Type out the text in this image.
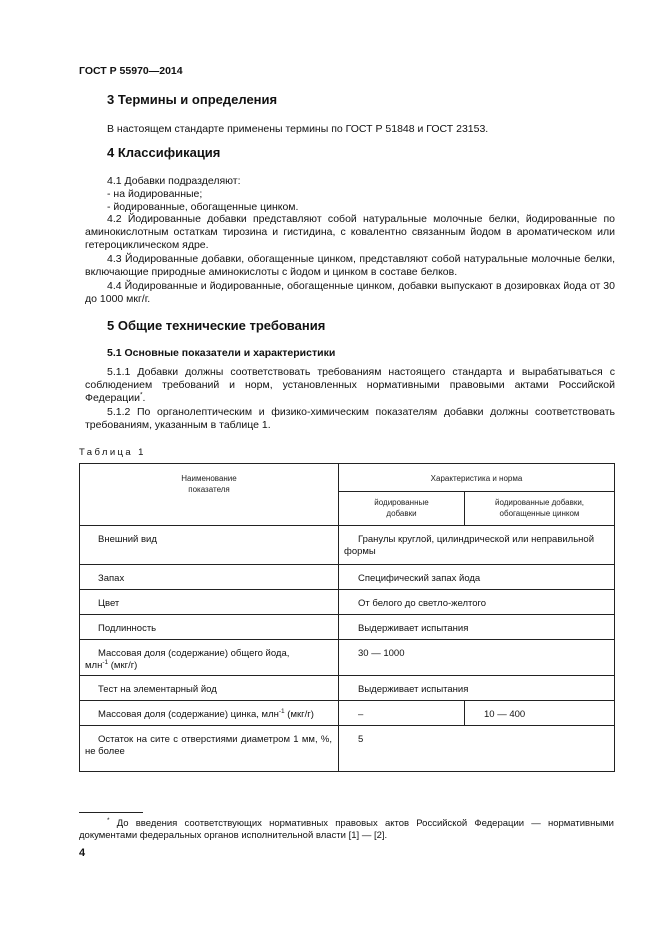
ГОСТ Р 55970—2014
3 Термины и определения
В настоящем стандарте применены термины по ГОСТ Р 51848 и ГОСТ 23153.
4 Классификация
4.1 Добавки подразделяют:
- на йодированные;
- йодированные, обогащенные цинком.
4.2 Йодированные добавки представляют собой натуральные молочные белки, йодированные по аминокислотным остаткам тирозина и гистидина, с ковалентно связанным йодом в ароматическом или гетероциклическом ядре.
4.3 Йодированные добавки, обогащенные цинком, представляют собой натуральные молочные белки, включающие природные аминокислоты с йодом и цинком в составе белков.
4.4 Йодированные и йодированные, обогащенные цинком, добавки выпускают в дозировках йода от 30 до 1000 мкг/г.
5 Общие технические требования
5.1 Основные показатели и характеристики
5.1.1 Добавки должны соответствовать требованиям настоящего стандарта и вырабатываться с соблюдением требований и норм, установленных нормативными правовыми актами Российской Федерации*.
5.1.2 По органолептическим и физико-химическим показателям добавки должны соответствовать требованиям, указанным в таблице 1.
Таблица 1
Наименование показателя	Характеристика и норма	

	йодированные добавки	йодированные добавки, обогащенные цинком

Внешний вид	Гранулы круглой, цилиндрической или неправильной формы	

Запах	Специфический запах йода	
Цвет	От белого до светло-желтого	
Подлинность	Выдерживает испытания	

Массовая доля (содержание) общего йода,
млн$^{-1}$ (мкг/г)	30 — 1000	
Тест на элементарный йод	Выдерживает испытания	
Массовая доля (содержание) цинка, млн$^{-1}$ (мкг/г)	–	10 — 400

Остаток на сите с отверстиями диаметром 1 мм, %, не более	5	
* До введения соответствующих нормативных правовых актов Российской Федерации — нормативными документами федеральных органов исполнительной власти [1] — [2].
4
